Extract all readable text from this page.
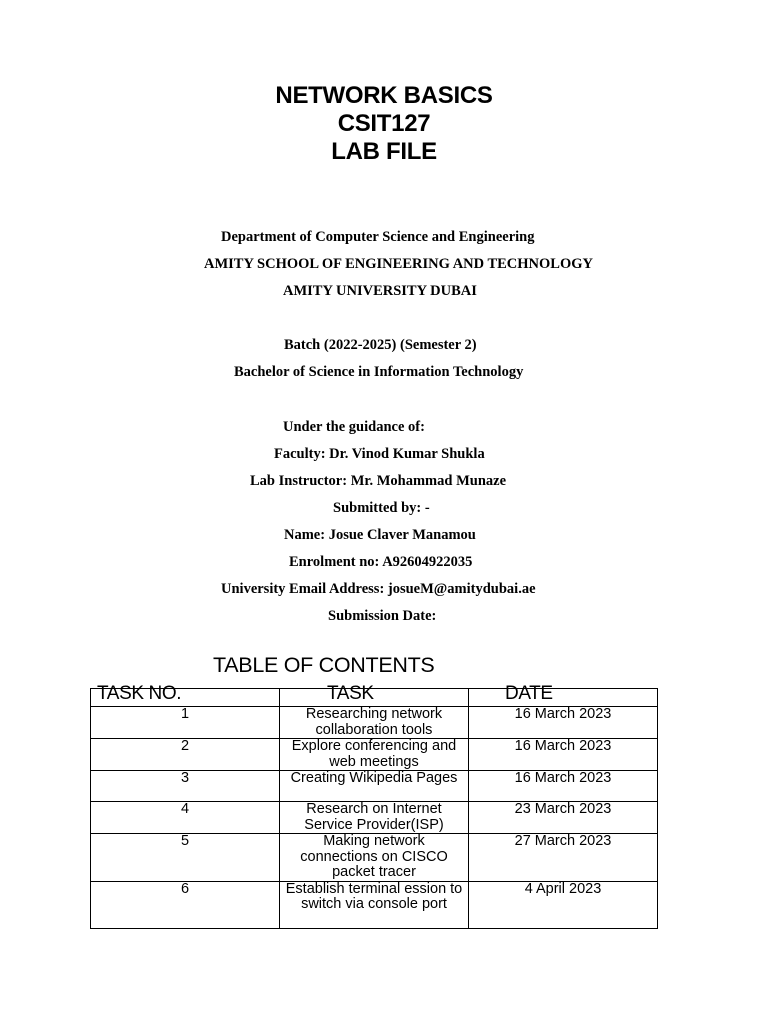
NETWORK BASICS
CSIT127
LAB FILE
Department of Computer Science and Engineering
AMITY SCHOOL OF ENGINEERING AND TECHNOLOGY
AMITY UNIVERSITY DUBAI
Batch (2022-2025) (Semester 2)
Bachelor of Science in Information Technology
Under the guidance of:
Faculty: Dr. Vinod Kumar Shukla
Lab Instructor: Mr. Mohammad Munaze
Submitted by: -
Name: Josue Claver Manamou
Enrolment no: A92604922035
University Email Address: josueM@amitydubai.ae
Submission Date:
TABLE OF CONTENTS
TASK NO.	TASK	DATE

1	Researching network collaboration tools	16 March 2023
2	Explore conferencing and web meetings	16 March 2023
3	Creating Wikipedia Pages	16 March 2023
4	Research on Internet Service Provider(ISP)	23 March 2023
5	Making network connections on CISCO packet tracer	27 March 2023
6	Establish terminal ession to switch via console port	4 April 2023
